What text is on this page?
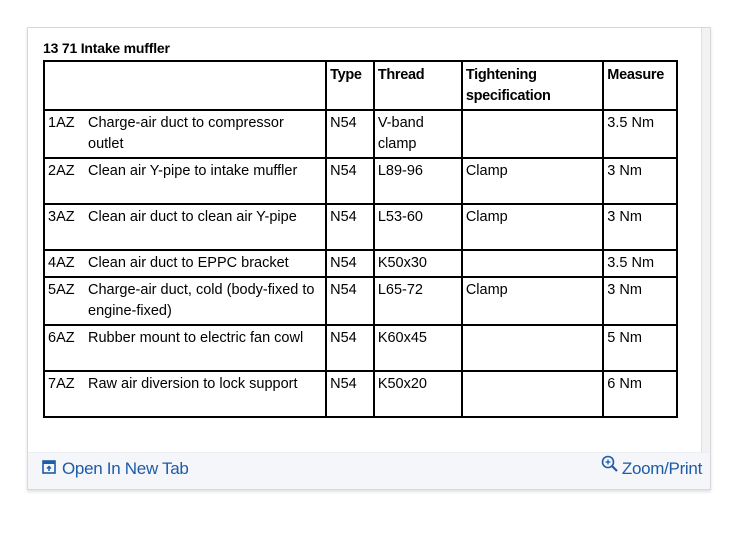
13 71 Intake muffler
	Type	Thread	Tightening specification	Measure

1AZ Charge-air duct to compressor outlet	N54	V-band clamp		3.5 Nm

2AZ Clean air Y-pipe to intake muffler	N54	L89-96	Clamp	3 Nm

3AZ Clean air duct to clean air Y-pipe	N54	L53-60	Clamp	3 Nm

4AZ Clean air duct to EPPC bracket	N54	K50x30		3.5 Nm

5AZ Charge-air duct, cold (body-fixed to engine-fixed)	N54	L65-72	Clamp	3 Nm

6AZ Rubber mount to electric fan cowl	N54	K60x45		5 Nm

7AZ Raw air diversion to lock support	N54	K50x20		6 Nm
Open In New Tab	Zoom/Print
